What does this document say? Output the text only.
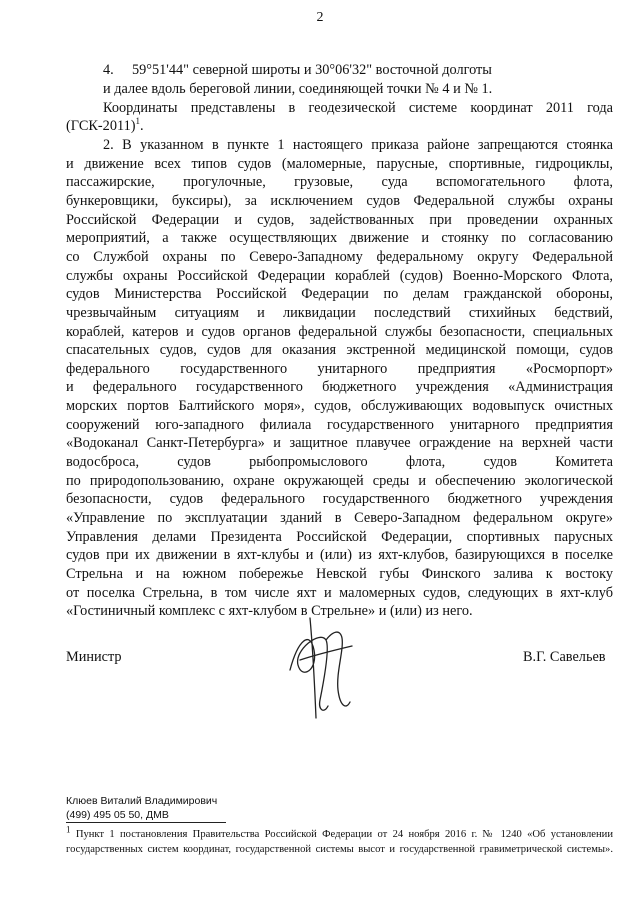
2
4. 59°51'44" северной широты и 30°06'32" восточной долготы
и далее вдоль береговой линии, соединяющей точки № 4 и № 1.
Координаты представлены в геодезической системе координат 2011 года
$(ГСК-2011)^1$.
2. В указанном в пункте 1 настоящего приказа районе запрещаются стоянка
и движение всех типов судов (маломерные, парусные, спортивные, гидроциклы,
пассажирские, прогулочные, грузовые, суда вспомогательного флота,
бункеровщики, буксиры), за исключением судов Федеральной службы охраны
Российской Федерации и судов, задействованных при проведении охранных
мероприятий, а также осуществляющих движение и стоянку по согласованию
со Службой охраны по Северо-Западному федеральному округу Федеральной
службы охраны Российской Федерации кораблей (судов) Военно-Морского Флота,
судов Министерства Российской Федерации по делам гражданской обороны,
чрезвычайным ситуациям и ликвидации последствий стихийных бедствий,
кораблей, катеров и судов органов федеральной службы безопасности, специальных
спасательных судов, судов для оказания экстренной медицинской помощи, судов
федерального государственного унитарного предприятия «Росморпорт»
и федерального государственного бюджетного учреждения «Администрация
морских портов Балтийского моря», судов, обслуживающих водовыпуск очистных
сооружений юго-западного филиала государственного унитарного предприятия
«Водоканал Санкт-Петербурга» и защитное плавучее ограждение на верхней части
водосброса, судов рыбопромыслового флота, судов Комитета
по природопользованию, охране окружающей среды и обеспечению экологической
безопасности, судов федерального государственного бюджетного учреждения
«Управление по эксплуатации зданий в Северо-Западном федеральном округе»
Управления делами Президента Российской Федерации, спортивных парусных
судов при их движении в яхт-клубы и (или) из яхт-клубов, базирующихся в поселке
Стрельна и на южном побережье Невской губы Финского залива к востоку
от поселка Стрельна, в том числе яхт и маломерных судов, следующих в яхт-клуб
«Гостиничный комплекс с яхт-клубом в Стрельне» и (или) из него.
Министр	В.Г. Савельев
Клюев Виталий Владимирович
(499) 495 05 50, ДМВ
$^1$ Пункт 1 постановления Правительства Российской Федерации от 24 ноября 2016 г. № 1240 «Об установлении
государственных систем координат, государственной системы высот и государственной гравиметрической системы».
